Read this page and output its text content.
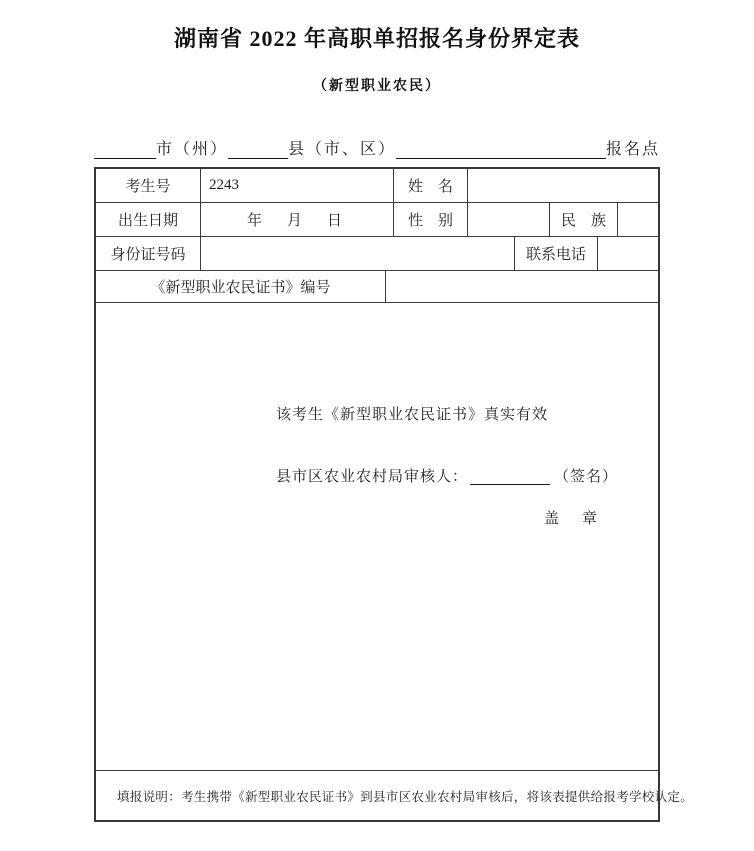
湖南省 2022 年高职单招报名身份界定表
（新型职业农民）
市（州）	县（市、区）	报名点
考生号	2243	姓　名
出生日期	年　月　日	性　别	民　族
身份证号码	联系电话
《新型职业农民证书》编号
该考生《新型职业农民证书》真实有效
县市区农业农村局审核人：	（签名）
盖　章
填报说明：考生携带《新型职业农民证书》到县市区农业农村局审核后，将该表提供给报考学校认定。
